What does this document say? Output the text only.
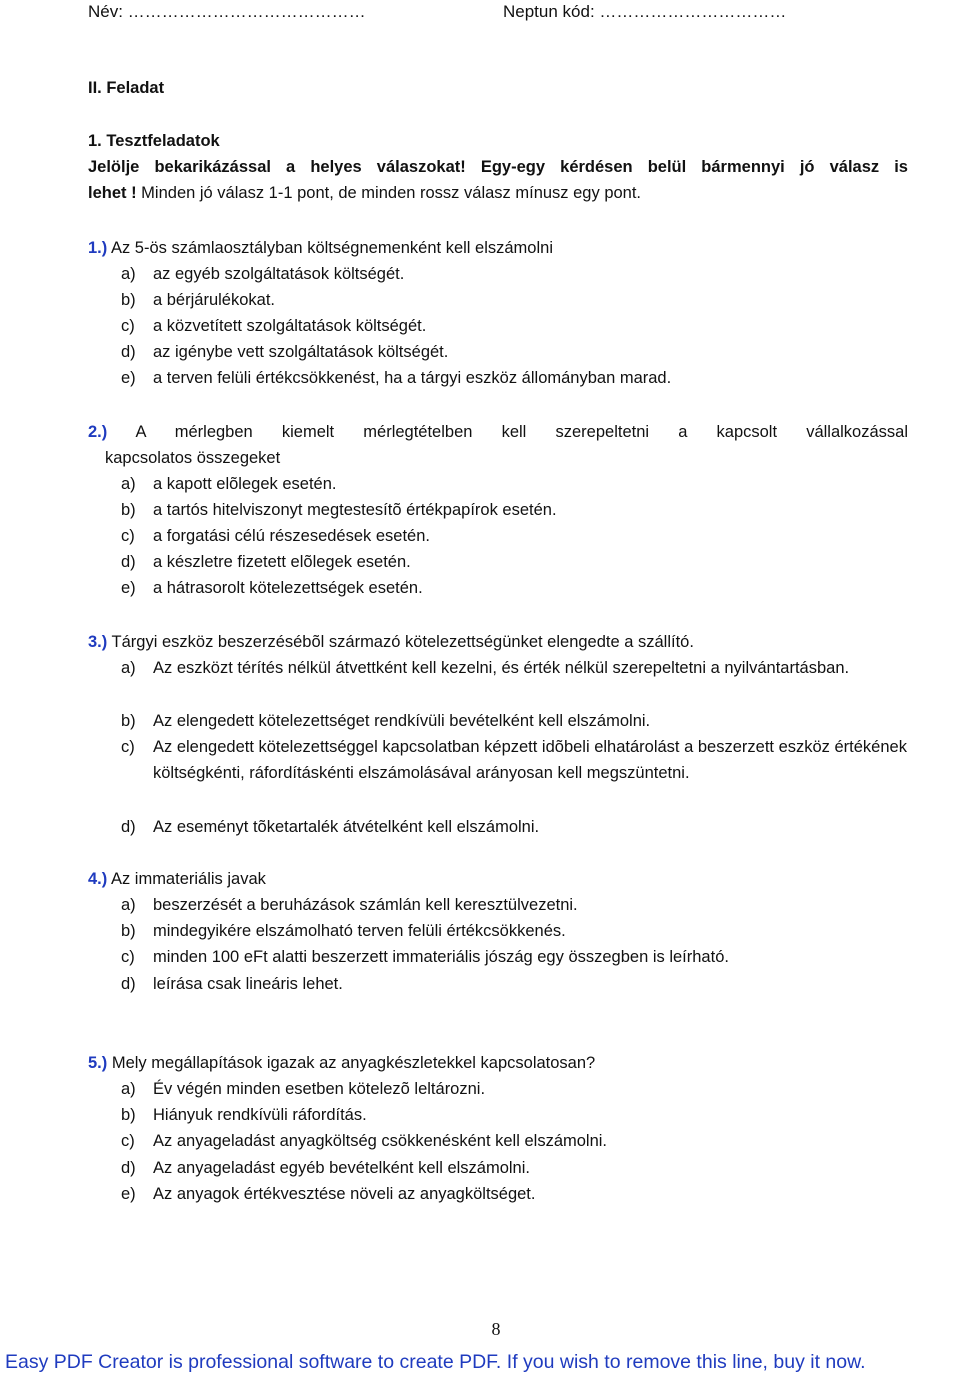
Név: ……………………………………	Neptun kód: ……………………………
II. Feladat
1. Tesztfeladatok
Jelölje bekarikázással a helyes válaszokat! Egy-egy kérdésen belül bármennyi jó válasz is
lehet ! Minden jó válasz 1-1 pont, de minden rossz válasz mínusz egy pont.
1.) Az 5-ös számlaosztályban költségnemenként kell elszámolni
a)	az egyéb szolgáltatások költségét.
b)	a bérjárulékokat.
c)	a közvetített szolgáltatások költségét.
d)	az igénybe vett szolgáltatások költségét.
e)	a terven felüli értékcsökkenést, ha a tárgyi eszköz állományban marad.
2.) A mérlegben kiemelt mérlegtételben kell szerepeltetni a kapcsolt vállalkozással
kapcsolatos összegeket
a)	a kapott elõlegek esetén.
b)	a tartós hitelviszonyt megtestesítõ értékpapírok esetén.
c)	a forgatási célú részesedések esetén.
d)	a készletre fizetett elõlegek esetén.
e)	a hátrasorolt kötelezettségek esetén.
3.) Tárgyi eszköz beszerzésébõl származó kötelezettségünket elengedte a szállító.
a)	Az eszközt térítés nélkül átvettként kell kezelni, és érték nélkül szerepeltetni a nyilvántartásban.
b)	Az elengedett kötelezettséget rendkívüli bevételként kell elszámolni.
c)	Az elengedett kötelezettséggel kapcsolatban képzett idõbeli elhatárolást a beszerzett eszköz értékének költségkénti, ráfordításkénti elszámolásával arányosan kell megszüntetni.
d)	Az eseményt tõketartalék átvételként kell elszámolni.
4.) Az immateriális javak
a)	beszerzését a beruházások számlán kell keresztülvezetni.
b)	mindegyikére elszámolható terven felüli értékcsökkenés.
c)	minden 100 eFt alatti beszerzett immateriális jószág egy összegben is leírható.
d)	leírása csak lineáris lehet.
5.) Mely megállapítások igazak az anyagkészletekkel kapcsolatosan?
a)	Év végén minden esetben kötelezõ leltározni.
b)	Hiányuk rendkívüli ráfordítás.
c)	Az anyageladást anyagköltség csökkenésként kell elszámolni.
d)	Az anyageladást egyéb bevételként kell elszámolni.
e)	Az anyagok értékvesztése növeli az anyagköltséget.
8
Easy PDF Creator is professional software to create PDF. If you wish to remove this line, buy it now.
